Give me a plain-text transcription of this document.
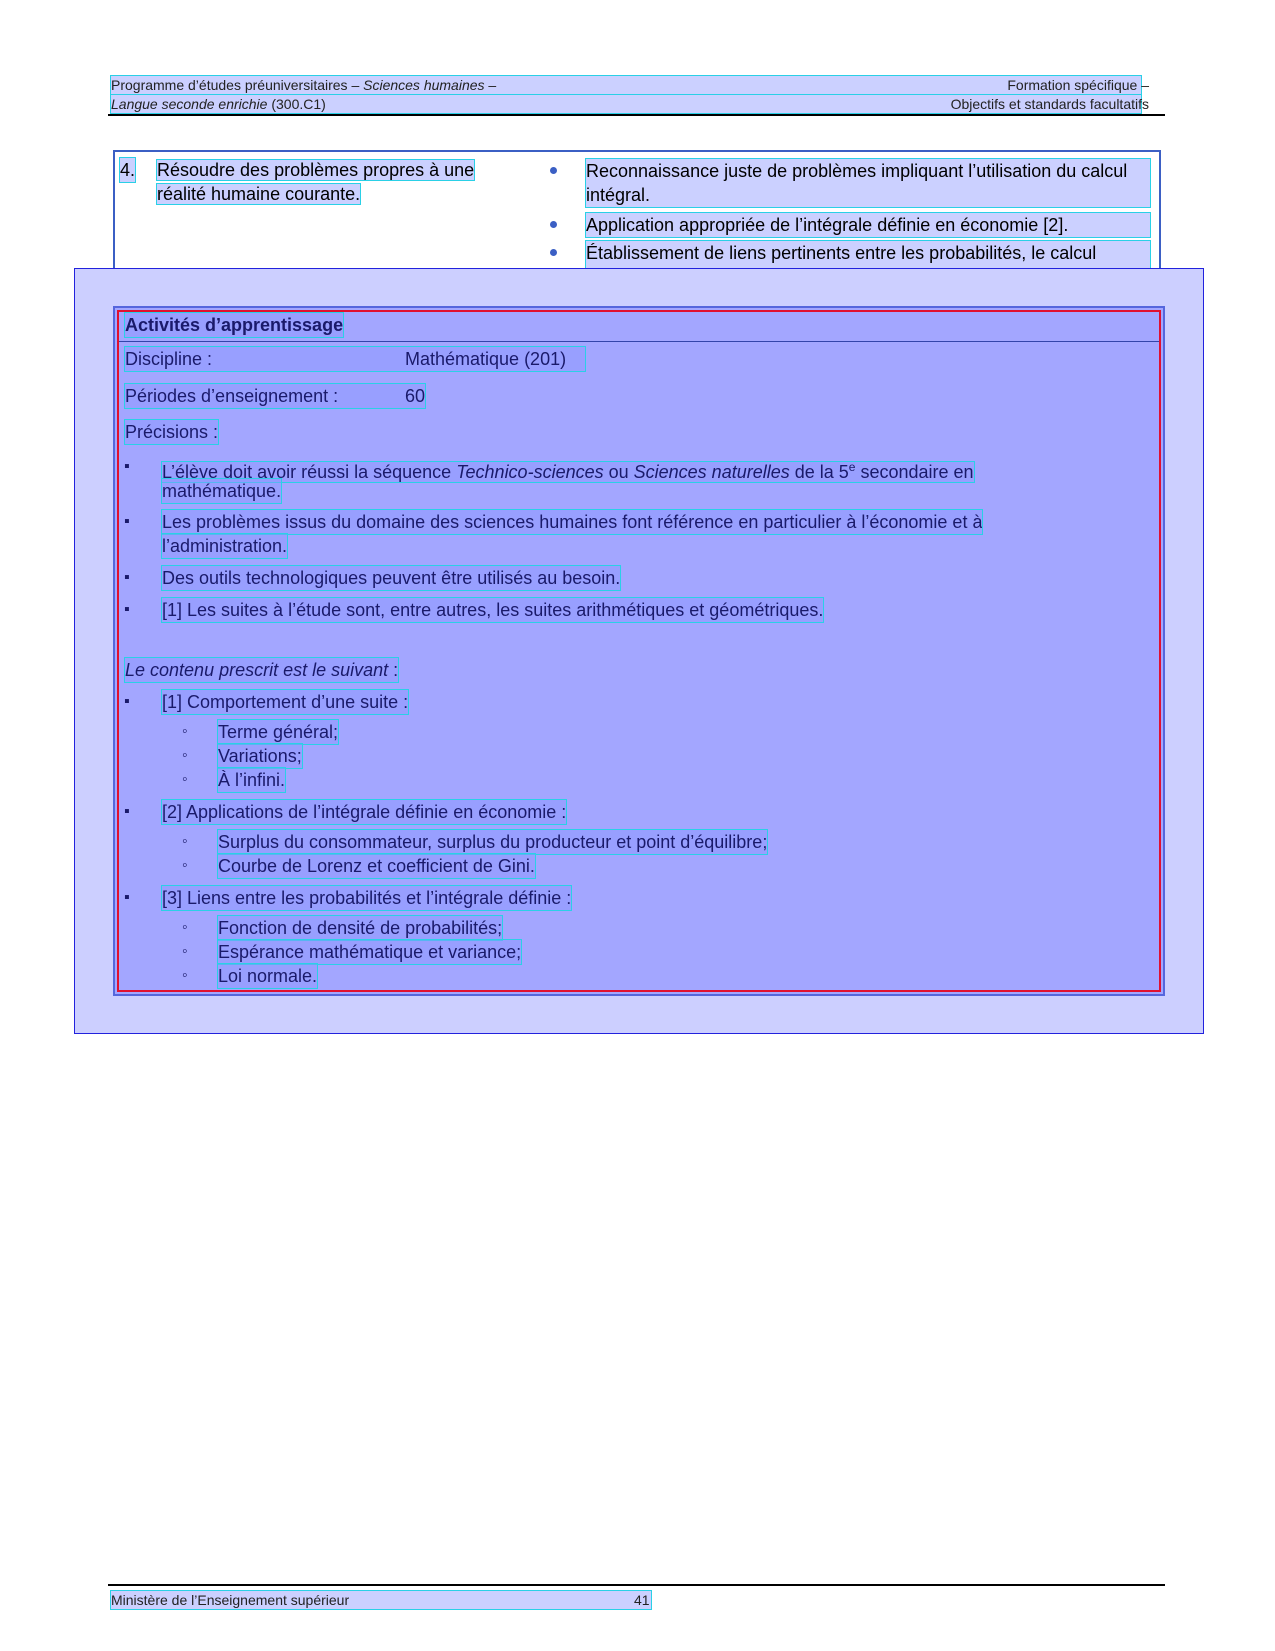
Programme d’études préuniversitaires – Sciences humaines –	Formation spécifique –
Langue seconde enrichie (300.C1)	Objectifs et standards facultatifs
4. Résoudre des problèmes propres à une réalité humaine courante.
Reconnaissance juste de problèmes impliquant l’utilisation du calcul intégral.
Application appropriée de l’intégrale définie en économie [2].
Établissement de liens pertinents entre les probabilités, le calcul
Activités d’apprentissage
Discipline :	Mathématique (201)
Périodes d’enseignement :	60
Précisions :
▪ L’élève doit avoir réussi la séquence Technico-sciences ou Sciences naturelles de la 5e secondaire en
mathématique.
▪ Les problèmes issus du domaine des sciences humaines font référence en particulier à l’économie et à
l’administration.
▪ Des outils technologiques peuvent être utilisés au besoin.
▪ [1] Les suites à l’étude sont, entre autres, les suites arithmétiques et géométriques.
Le contenu prescrit est le suivant :
▪ [1] Comportement d’une suite :
◦ Terme général;
◦ Variations;
◦ À l’infini.
▪ [2] Applications de l’intégrale définie en économie :
◦ Surplus du consommateur, surplus du producteur et point d’équilibre;
◦ Courbe de Lorenz et coefficient de Gini.
▪ [3] Liens entre les probabilités et l’intégrale définie :
◦ Fonction de densité de probabilités;
◦ Espérance mathématique et variance;
◦ Loi normale.
Ministère de l’Enseignement supérieur	41
